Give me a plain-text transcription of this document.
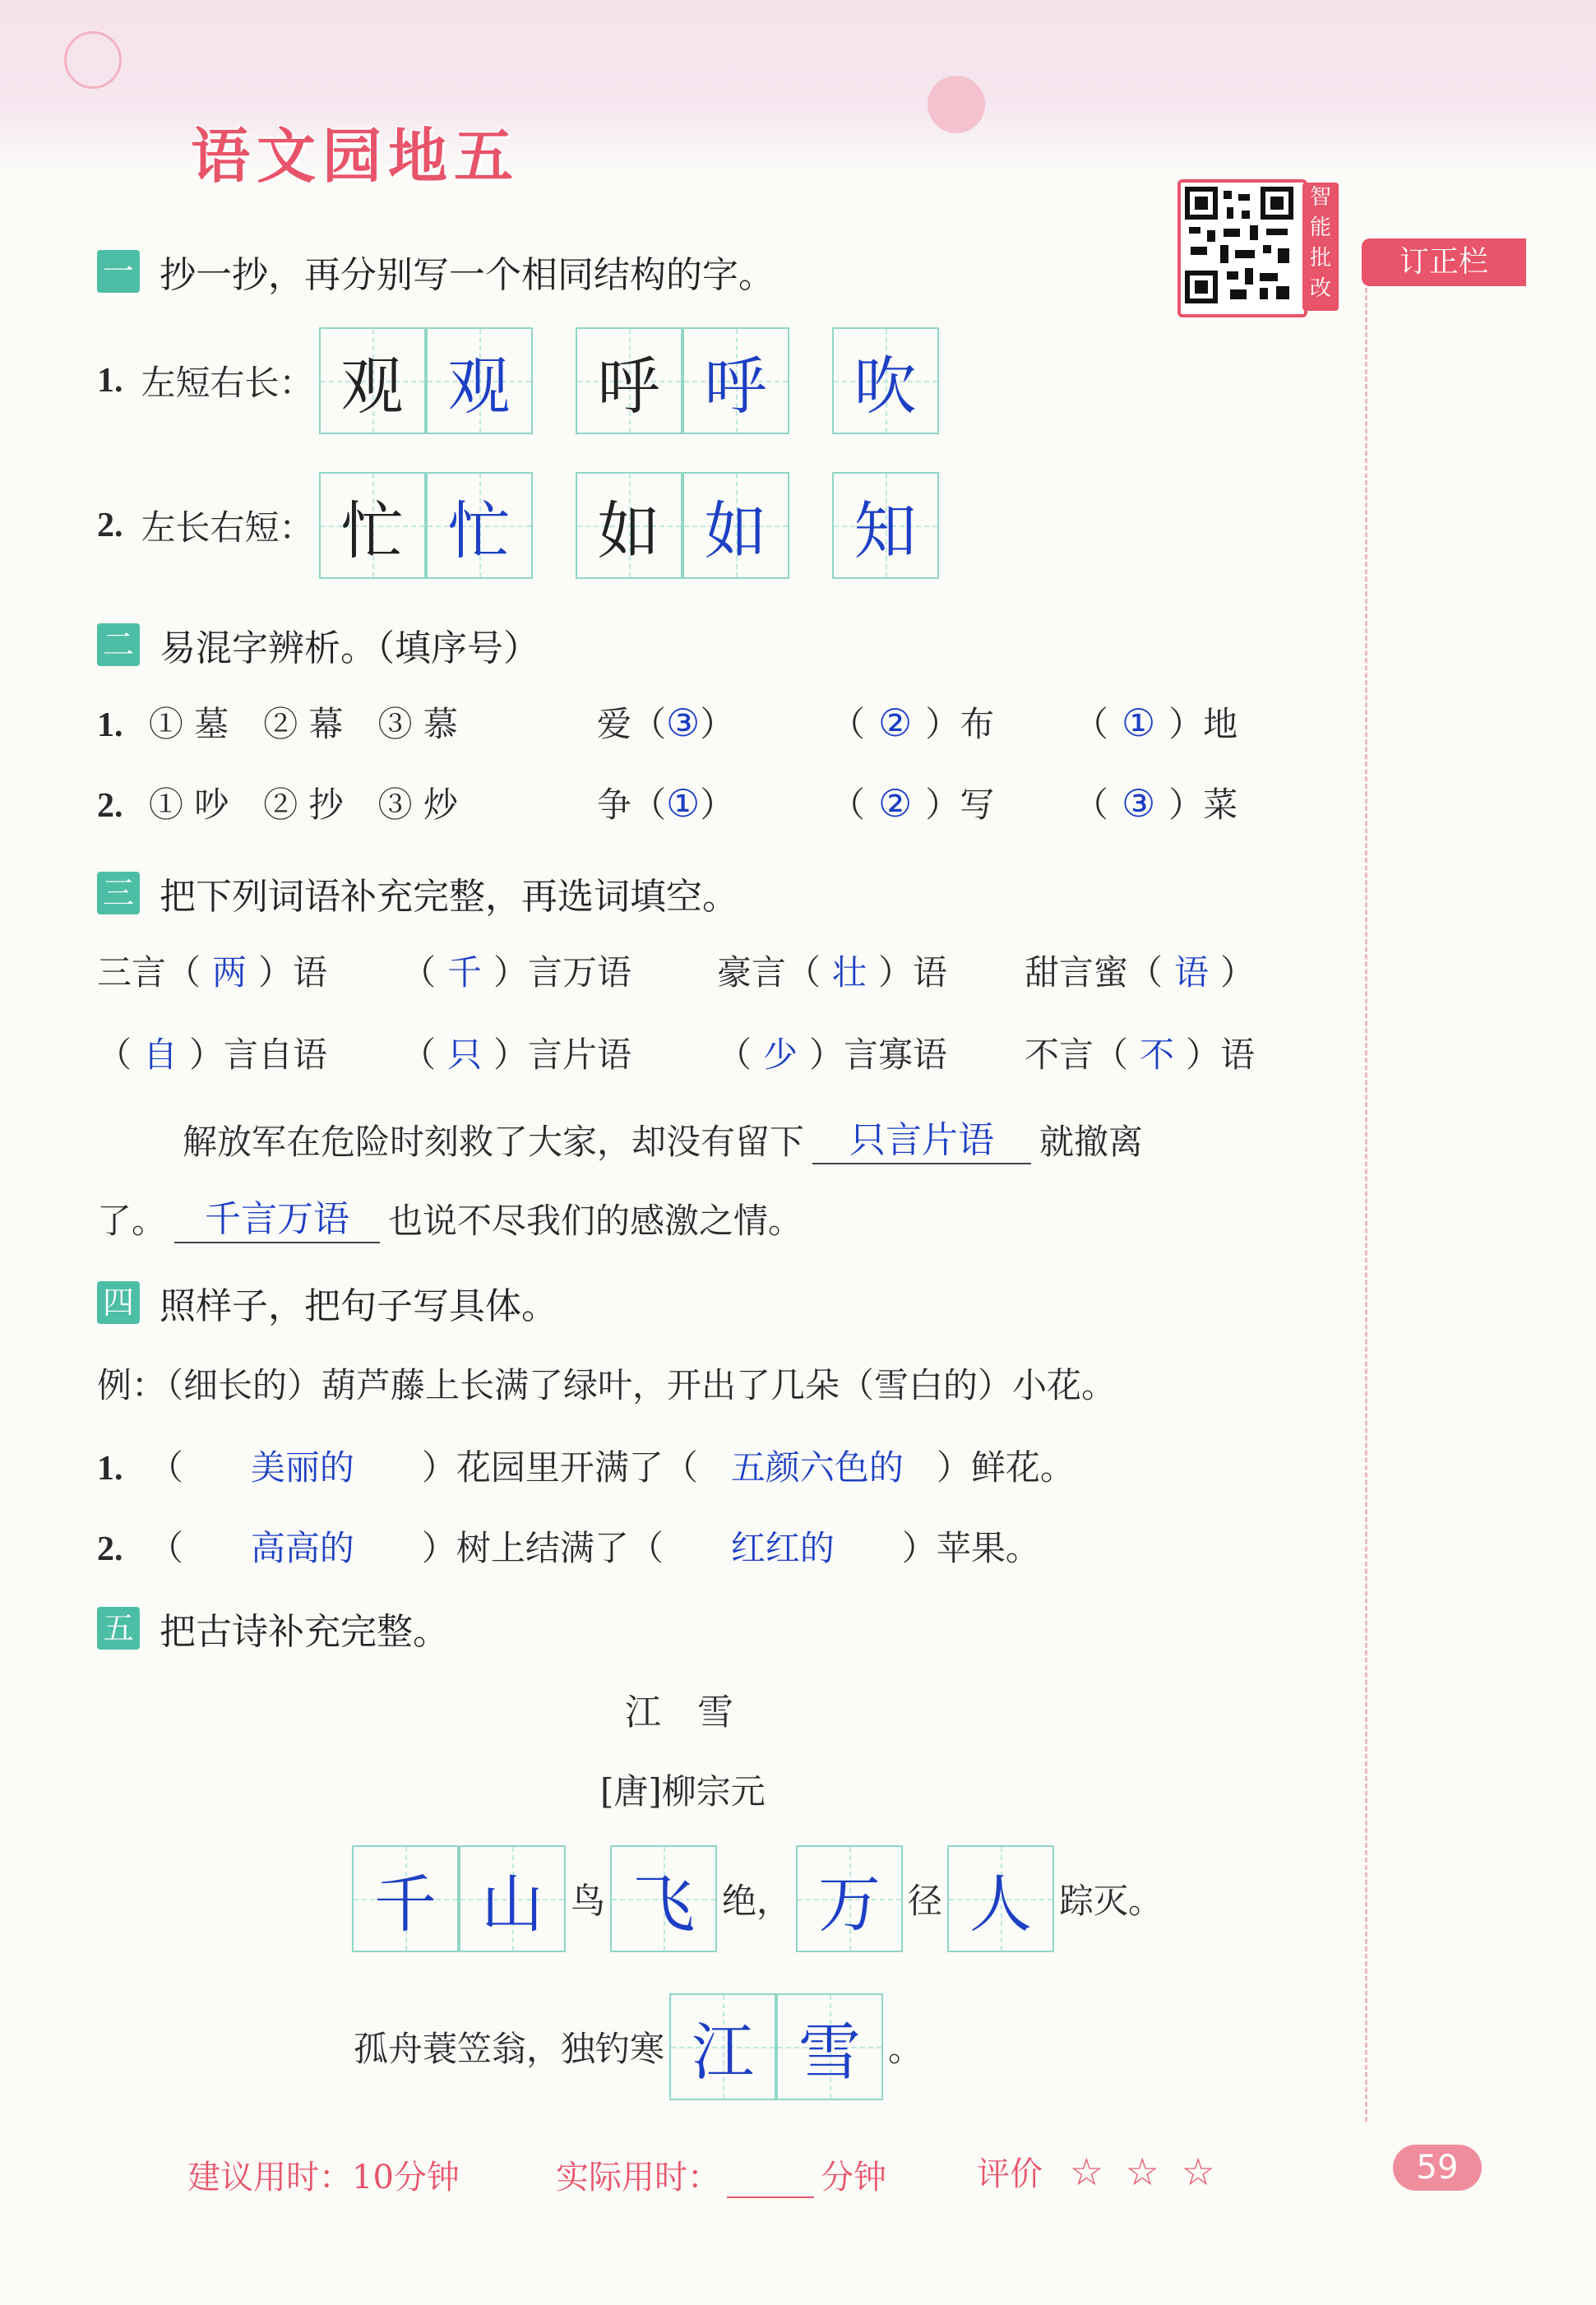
语文园地五
智能批改
订正栏
一 抄一抄，再分别写一个相同结构的字。
1. 左短右长： 观 观 呼 呼 吹
2. 左长右短： 忙 忙 如 如 知
二 易混字辨析。（填序号）
1. ① 墓　② 幕　③ 慕	爱（③）	（ ② ）布 （ ① ）地
2. ① 吵　② 抄　③ 炒	争（①）	（ ② ）写 （ ③ ）菜
三 把下列词语补充完整，再选词填空。
三言（ 两 ）语 （ 千 ）言万语 豪言（ 壮 ）语 甜言蜜（ 语 ）
（ 自 ）言自语 （ 只 ）言片语 （ 少 ）言寡语 不言（ 不 ）语
解放军在危险时刻救了大家，却没有留下	只言片语	就撤离
了。	千言万语	也说不尽我们的感激之情。
四 照样子，把句子写具体。
例：（细长的）葫芦藤上长满了绿叶，开出了几朵（雪白的）小花。
1. （ 美丽的 ）花园里开满了（ 五颜六色的 ）鲜花。
2. （ 高高的 ）树上结满了（ 红红的 ）苹果。
五 把古诗补充完整。
江　雪
[唐]柳宗元
千 山 鸟 飞 绝， 万 径 人 踪灭。
孤舟蓑笠翁，独钓寒 江 雪 。
建议用时：10分钟	实际用时：	分钟	评价 ☆ ☆ ☆	59
